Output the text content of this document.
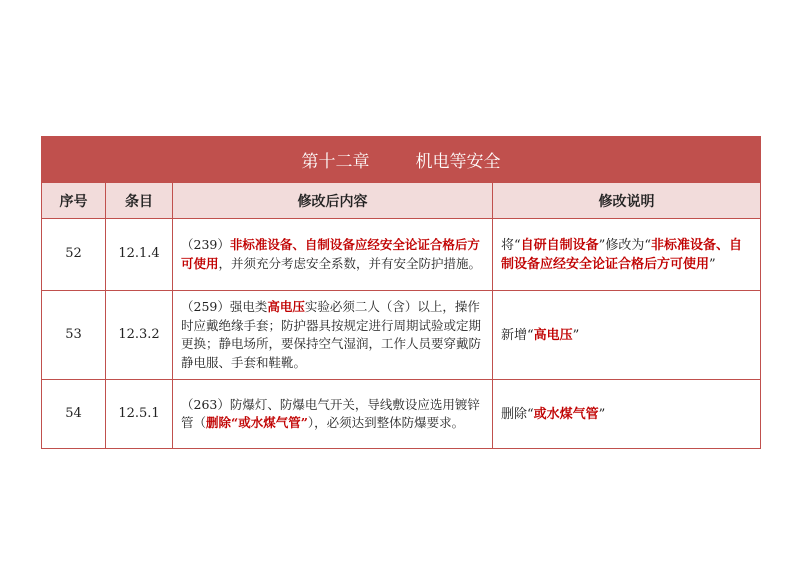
第十二章 机电等安全			
序号	条目	修改后内容	修改说明
52	12.1.4	（239）非标准设备、自制设备应经安全论证合格后方可使用，并须充分考虑安全系数，并有安全防护措施。	将“自研自制设备”修改为“非标准设备、自制设备应经安全论证合格后方可使用”
53	12.3.2	（259）强电类高电压实验必须二人（含）以上，操作时应戴绝缘手套；防护器具按规定进行周期试验或定期更换；静电场所，要保持空气湿润，工作人员要穿戴防静电服、手套和鞋靴。	新增“高电压”
54	12.5.1	（263）防爆灯、防爆电气开关，导线敷设应选用镀锌管（删除“或水煤气管”），必须达到整体防爆要求。	删除“或水煤气管”
